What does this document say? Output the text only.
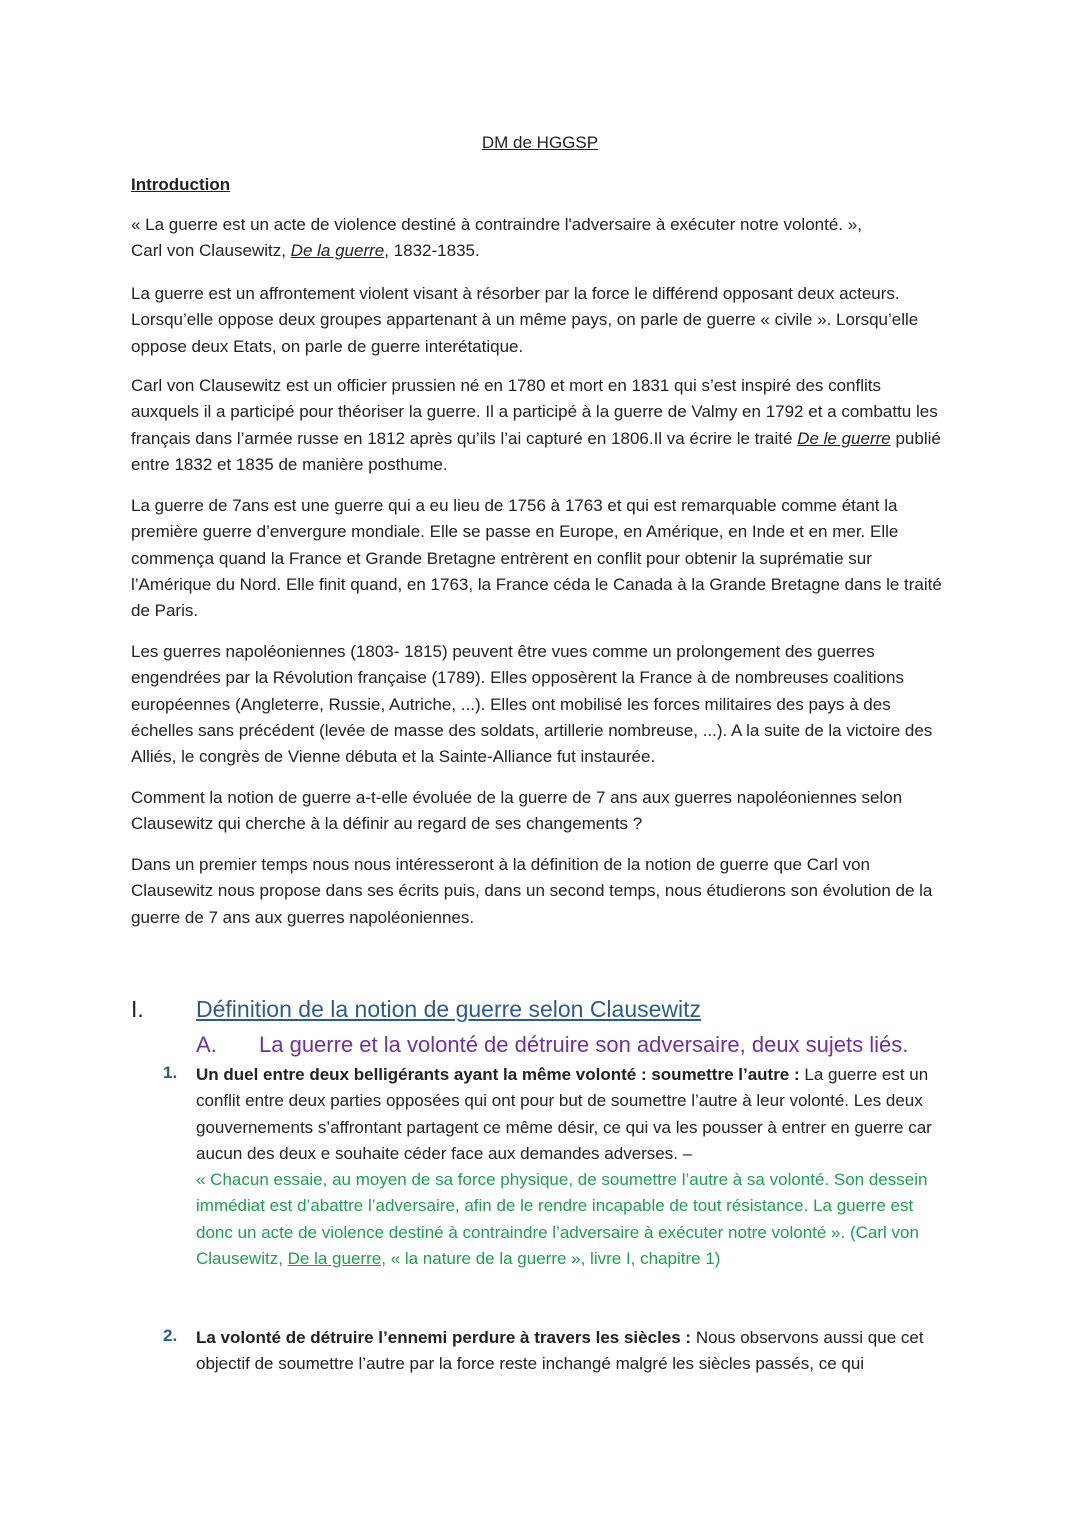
DM de HGGSP
Introduction

« La guerre est un acte de violence destiné à contraindre l'adversaire à exécuter notre volonté. »,
Carl von Clausewitz, De la guerre, 1832-1835.

La guerre est un affrontement violent visant à résorber par la force le différend opposant deux acteurs. Lorsqu’elle oppose deux groupes appartenant à un même pays, on parle de guerre « civile ». Lorsqu’elle oppose deux Etats, on parle de guerre interétatique.

Carl von Clausewitz est un officier prussien né en 1780 et mort en 1831 qui s’est inspiré des conflits auxquels il a participé pour théoriser la guerre. Il a participé à la guerre de Valmy en 1792 et a combattu les français dans l’armée russe en 1812 après qu’ils l’ai capturé en 1806.Il va écrire le traité De le guerre publié entre 1832 et 1835 de manière posthume.

La guerre de 7ans est une guerre qui a eu lieu de 1756 à 1763 et qui est remarquable comme étant la première guerre d’envergure mondiale. Elle se passe en Europe, en Amérique, en Inde et en mer. Elle commença quand la France et Grande Bretagne entrèrent en conflit pour obtenir la suprématie sur l’Amérique du Nord. Elle finit quand, en 1763, la France céda le Canada à la Grande Bretagne dans le traité de Paris.

Les guerres napoléoniennes (1803- 1815) peuvent être vues comme un prolongement des guerres engendrées par la Révolution française (1789). Elles opposèrent la France à de nombreuses coalitions européennes (Angleterre, Russie, Autriche, ...). Elles ont mobilisé les forces militaires des pays à des échelles sans précédent (levée de masse des soldats, artillerie nombreuse, ...). A la suite de la victoire des Alliés, le congrès de Vienne débuta et la Sainte-Alliance fut instaurée.

Comment la notion de guerre a-t-elle évoluée de la guerre de 7 ans aux guerres napoléoniennes selon Clausewitz qui cherche à la définir au regard de ses changements ?

Dans un premier temps nous nous intéresseront à la définition de la notion de guerre que Carl von Clausewitz nous propose dans ses écrits puis, dans un second temps, nous étudierons son évolution de la guerre de 7 ans aux guerres napoléoniennes.

I. Définition de la notion de guerre selon Clausewitz
A. La guerre et la volonté de détruire son adversaire, deux sujets liés.
1. Un duel entre deux belligérants ayant la même volonté : soumettre l’autre : La guerre est un conflit entre deux parties opposées qui ont pour but de soumettre l’autre à leur volonté. Les deux gouvernements s’affrontant partagent ce même désir, ce qui va les pousser à entrer en guerre car aucun des deux e souhaite céder face aux demandes adverses. –
« Chacun essaie, au moyen de sa force physique, de soumettre l’autre à sa volonté. Son dessein immédiat est d’abattre l’adversaire, afin de le rendre incapable de tout résistance. La guerre est donc un acte de violence destiné à contraindre l’adversaire à exécuter notre volonté ». (Carl von Clausewitz, De la guerre, « la nature de la guerre », livre I, chapitre 1)

2. La volonté de détruire l’ennemi perdure à travers les siècles : Nous observons aussi que cet objectif de soumettre l’autre par la force reste inchangé malgré les siècles passés, ce qui
